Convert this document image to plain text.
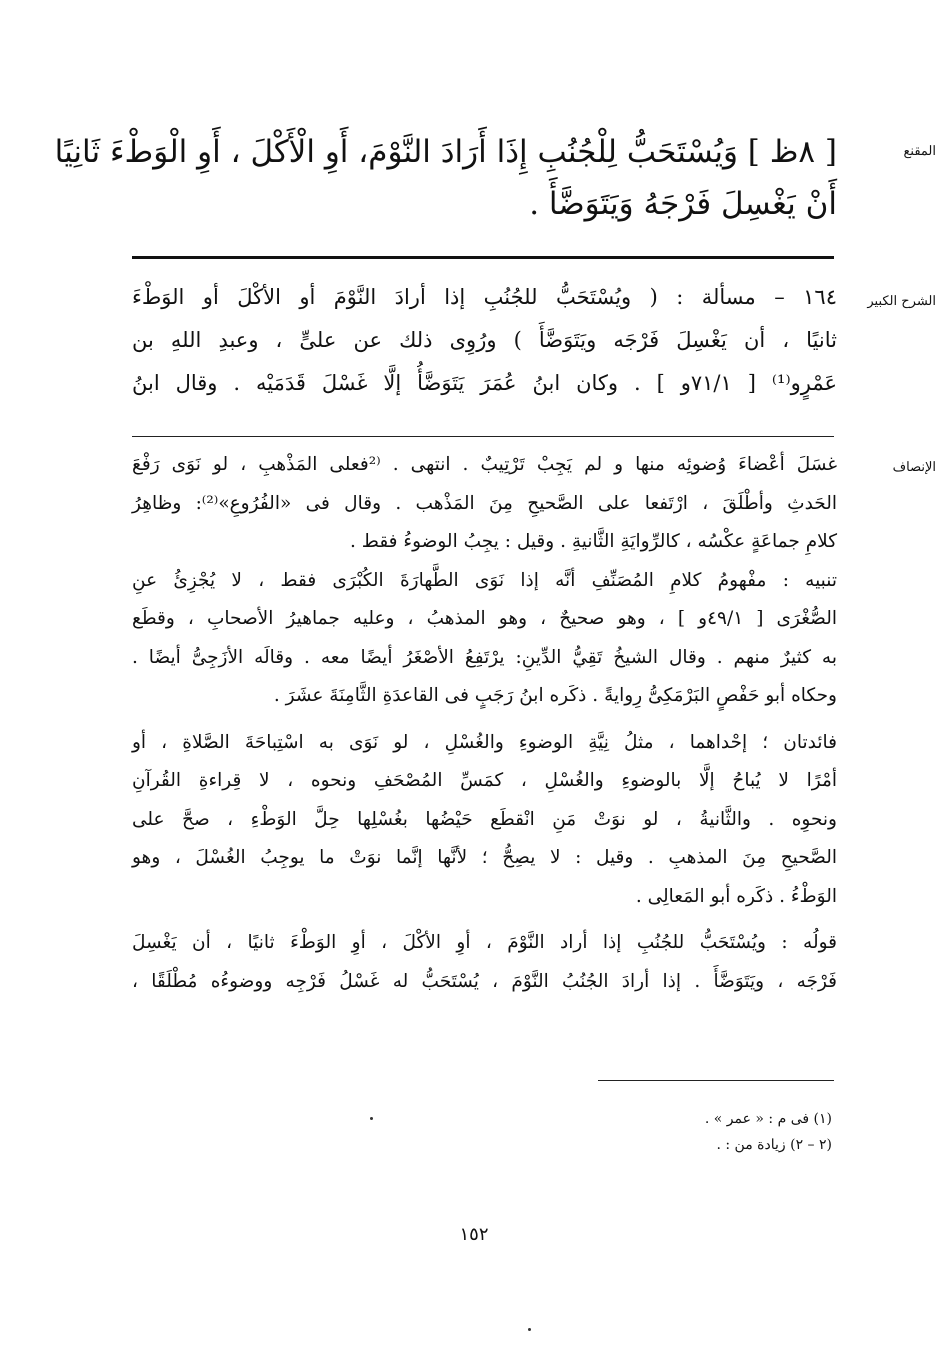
المقنع
[ ٨ظ ] وَيُسْتَحَبُّ لِلْجُنُبِ إِذَا أَرَادَ النَّوْمَ، أَوِ الْأَكْلَ ، أَوِ الْوَطْءَ ثَانِيًا
أَنْ يَغْسِلَ فَرْجَهُ وَيَتَوَضَّأَ .
الشرح الكبير
١٦٤ – مسألة : ( ويُسْتَحَبُّ للجُنُبِ إذا أرادَ النَّوْمَ أو الأكْلَ أو الوَطْءَ
ثانيًا ، أن يَغْسِلَ فَرْجَه ويَتَوَضَّأَ ) ورُوِى ذلك عن علىٍّ ، وعبدِ اللهِ بن
عَمْرٍو⁽¹⁾ [ ٧١/١و ] . وكان ابنُ عُمَرَ يَتَوَضَّأُ إلَّا غَسْلَ قَدَمَيْه . وقال ابنُ
الإنصاف
غسَلَ أعْضاءَ وُضوئِه منها و لم يَجِبْ تَرْتِيبٌ . انتهى . ⁽²فعلى المَذْهبِ ، لو نَوَى رَفْعَ
الحَدثِ وأطْلَقَ ، ارْتَفعا على الصَّحيحِ مِنَ المَذْهب . وقال فى «الفُرُوعِ»⁽²⁾: وظاهِرُ
كلامِ جماعَةٍ عكْسُه ، كالرِّوايَةِ الثَّانيةِ . وقيل : يجِبُ الوضوءُ فقط .
تنبيه : مفْهومُ كلامِ المُصَنِّفِ أنَّه إذا نَوَى الطَّهارَةَ الكُبْرَى فقط ، لا يُجْزِئُ عنِ
الصُّغْرَى [ ٤٩/١و ] ، وهو صحيحٌ ، وهو المذهبُ ، وعليه جماهيرُ الأصحابِ ، وقطَع
به كثيرٌ منهم . وقال الشيخُ تَقِيُّ الدِّينِ: يرْتَفِعُ الأصْغَرُ أيضًا معه . وقالَه الأزَجِىُّ أيضًا .
وحكاه أبو حَفْصٍ البَرْمَكِىُّ رِوايةً . ذكَره ابنُ رَجَبٍ فى القاعدَةِ الثَّامِنَةَ عشَرَ .
فائدتان ؛ إحْداهما ، مثلُ نِيَّةِ الوضوءِ والغُسْلِ ، لو نَوَى به اسْتِباحَةَ الصَّلاةِ ، أو
أمْرًا لا يُباحُ إلَّا بالوضوءِ والغُسْلِ ، كمَسِّ المُصْحَفِ ونحوه ، لا قِراءةِ القُرآنِ
ونحوِه . والثَّانيةُ ، لو نوَتْ مَنِ انْقطَع حَيْضُها بغُسْلِها حِلَّ الوَطْءِ ، صحَّ على
الصَّحيحِ مِنَ المذهبِ . وقيل : لا يصِحُّ ؛ لأنَّها إنَّما نوَتْ ما يوجِبُ الغُسْلَ ، وهو
الوَطْءُ . ذكَره أبو المَعالِى .
قولُه : ويُسْتَحَبُّ للجُنُبِ إذا أراد النَّوْمَ ، أوِ الأكْلَ ، أوِ الوَطْءَ ثانيًا ، أن يَغْسِلَ
فَرْجَه ، ويَتَوَضَّأَ . إذا أرادَ الجُنُبُ النَّوْمَ ، يُسْتَحَبُّ له غَسْلُ فَرْجِه ووضوءُه مُطْلَقًا ،
(١) فى م : « عمر » .
(٢ – ٢) زيادة من : .
١٥٢
